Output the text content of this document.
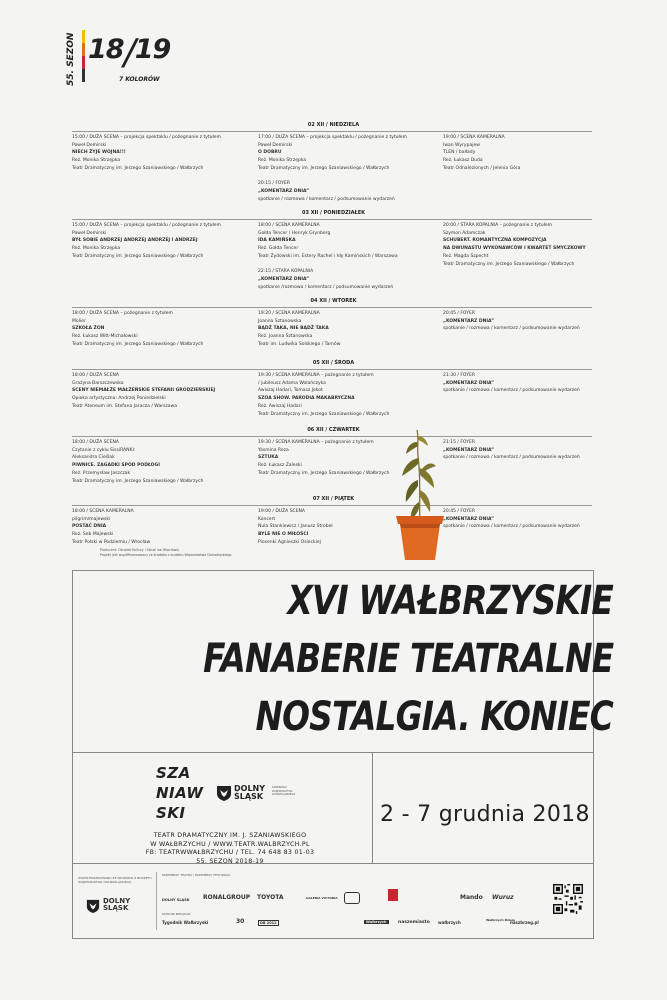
55. SEZON 18/19
7 KOLORÓW
02 XII / NIEDZIELA
15:00 / DUŻA SCENA – projekcja spektaklu / pożegnanie z tytułem
Paweł Demirski
NIECH ŻYJE WOJNA!!!
Reż. Monika Strzępka
Teatr Dramatyczny im. Jerzego Szaniawskiego / Wałbrzych
17:00 / DUŻA SCENA – projekcja spektaklu / pożegnanie z tytułem
Paweł Demirski
O DOBRU
Reż. Monika Strzępka
Teatr Dramatyczny im. Jerzego Szaniawskiego / Wałbrzych

20:15 / FOYER
„KOMENTARZ DNIA”
spotkanie / rozmowa / komentarz / podsumowanie wydarzeń
19:00 / SCENA KAMERALNA
Iwan Wyrypajew
TLEN / balłady
Reż. Łukasz Duda
Teatr Odnalezionych / Jelenia Góra
03 XII / PONIEDZIAŁEK
15:00 / DUŻA SCENA – projekcja spektaklu / pożegnanie z tytułem
Paweł Demirski
BYŁ SOBIE ANDRZEJ ANDRZEJ ANDRZEJ I ANDRZEJ
Reż. Monika Strzępka
Teatr Dramatyczny im. Jerzego Szaniawskiego / Wałbrzych
18:00 / SCENA KAMERALNA
Gołda Tencer / Henryk Grynberg
IDA KAMIŃSKA
Reż. Gołda Tencer
Teatr Żydowski im. Estery Rachel i Idy Kamińskich / Warszawa

22:15 / STARA KOPALNIA
„KOMENTARZ DNIA”
spotkanie /rozmowa / komentarz / podsumowanie wydarzeń
20:00 / STARA KOPALNIA – pożegnanie z tytułem
Szymon Adamczak
SCHUBERT. ROMANTYCZNA KOMPOZYCJA
NA DWUNASTU WYKONAWCÓW I KWARTET SMYCZKOWY
Reż. Magda Szpecht
Teatr Dramatyczny im. Jerzego Szaniawskiego / Wałbrzych
04 XII / WTOREK
18:00 / DUŻA SCENA – pożegnanie z tytułem
Molier
SZKOŁA ŻON
Reż. Łukasz Witt-Michałowski
Teatr Dramatyczny im. Jerzego Szaniawskiego / Wałbrzych
19:20 / SCENA KAMERALNA
Joanna Sztanowska
BĄDŹ TAKA, NIE BĄDŹ TAKA
Reż. Joanna Sztanowska
Teatr im. Ludwika Solskiego / Tarnów
20:45 / FOYER
„KOMENTARZ DNIA”
spotkanie / rozmowa / komentarz / podsumowanie wydarzeń
05 XII / ŚRODA
18:00 / DUŻA SCENA
Grażyna Barszczewska
SCENY NIEMAŁŻE MAŁŻEŃSKIE STEFANII GRODZIEŃSKIEJ
Opieka artystyczna: Andrzej Poniedzielski
Teatr Ateneum im. Stefana Jaracza / Warszawa
19:30 / SCENA KAMERALNA – pożegnanie z tytułem
/ jubileusz Adama Wolańczyka
Awiszaj Hadari, Tomasz Jekot
SZOA SHOW. PARODIA MAKABRYCZNA
Reż. Awiszaj Hadari
Teatr Dramatyczny im. Jerzego Szaniawskiego / Wałbrzych
21:30 / FOYER
„KOMENTARZ DNIA”
spotkanie / rozmowa / komentarz / podsumowanie wydarzeń
06 XII / CZWARTEK
18:00 / DUŻA SCENA
Czytanie z cyklu SissiRANKI:
Aleksandra Cieślak
PIWNICE. ZAGADKI SPOD PODŁOGI
Reż. Przemysław Jaszczak
Teatr Dramatyczny im. Jerzego Szaniawskiego / Wałbrzych
19:30 / SCENA KAMERALNA – pożegnanie z tytułem
Yasmina Reza
SZTUKA
Reż. Łukasz Zaleski
Teatr Dramatyczny im. Jerzego Szaniawskiego / Wałbrzych
21:15 / FOYER
„KOMENTARZ DNIA”
spotkanie / rozmowa / komentarz / podsumowanie wydarzeń
07 XII / PIĄTEK
18:00 / SCENA KAMERALNA
pilgrim/majewski
POSTAĆ DNIA
Reż. Seb Majewski
Teatr Polski w Podziemiu / Wrocław
19:00 / DUŻA SCENA
Koncert
Nula Stankiewicz / Janusz Strobel
BYLE NIE O MIŁOŚCI
Piosenki Agnieszki Osieckiej
20:45 / FOYER
„KOMENTARZ DNIA”
spotkanie / rozmowa / komentarz / podsumowanie wydarzeń
Producent: Ośrodek Kultury i Sztuki we Wrocławiu
Projekt jest współfinansowany ze środków z budżetu Województwa Dolnośląskiego
XVI WAŁBRZYSKIE
FANABERIE TEATRALNE
NOSTALGIA. KONIEC
SZA
NIAW
SKI
DOLNY
ŚLĄSK
SAMORZĄD WOJEWÓDZTWA DOLNOŚLĄSKIEGO
2 - 7 grudnia 2018
TEATR DRAMATYCZNY IM. J. SZANIAWSKIEGO
W WAŁBRZYCHU / WWW.TEATR.WALBRZYCH.PL
FB: TEATRWWAŁBRZYCHU / TEL. 74 648 83 01-03
55. SEZON 2018-19
WSPÓŁFINANSOWANO ZE ŚRODKÓW Z BUDŻETU WOJEWÓDZTWA DOLNOŚLĄSKIEGO
DOLNY
ŚLĄSK
PARTNERZY TEATRU / PARTNERZY FESTIWALU
PATRONI MEDIALNI
DOLNY ŚLĄSK RONALGROUP TOYOTA	GALERIA VICTORIA	Mando Wuruz
Tygodnik Wałbrzyski	30	DB 2012	Wałbrzych	naszemiasto wałbrzych	Wałbrzych Dzieje
naszbrzeg.pl
